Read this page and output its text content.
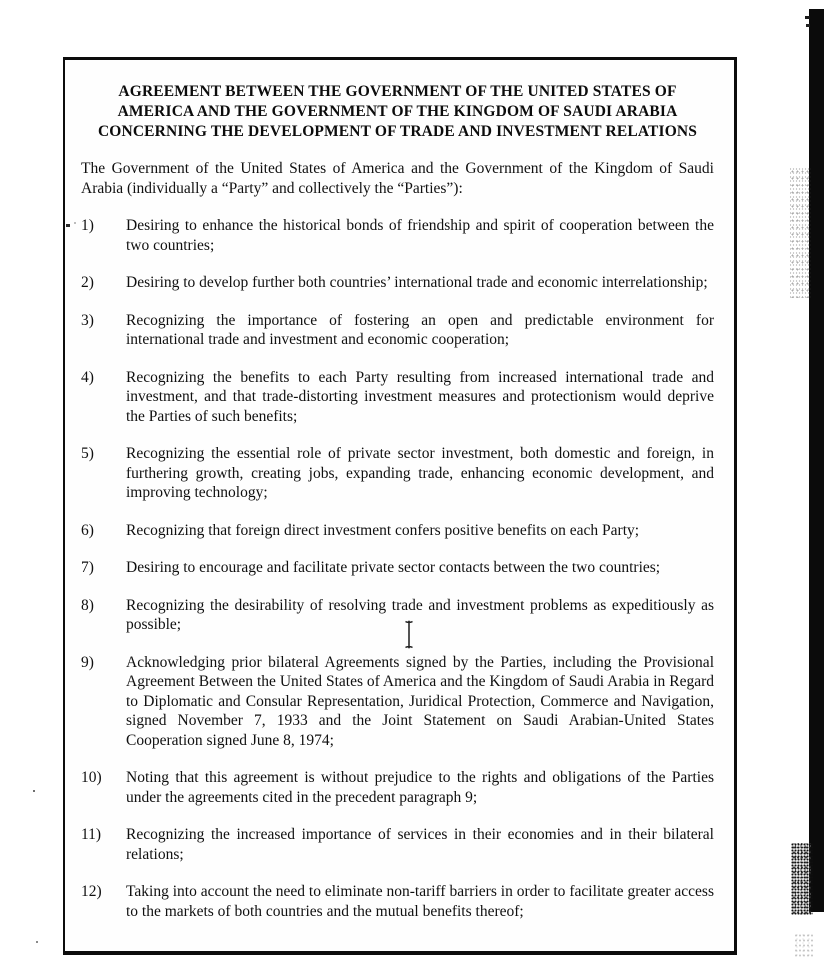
AGREEMENT BETWEEN THE GOVERNMENT OF THE UNITED STATES OF
AMERICA AND THE GOVERNMENT OF THE KINGDOM OF SAUDI ARABIA
CONCERNING THE DEVELOPMENT OF TRADE AND INVESTMENT RELATIONS
The Government of the United States of America and the Government of the Kingdom of Saudi Arabia (individually a “Party” and collectively the “Parties”):
1)	Desiring to enhance the historical bonds of friendship and spirit of cooperation between the two countries;
2)	Desiring to develop further both countries’ international trade and economic interrelationship;
3)	Recognizing the importance of fostering an open and predictable environment for international trade and investment and economic cooperation;
4)	Recognizing the benefits to each Party resulting from increased international trade and investment, and that trade-distorting investment measures and protectionism would deprive the Parties of such benefits;
5)	Recognizing the essential role of private sector investment, both domestic and foreign, in furthering growth, creating jobs, expanding trade, enhancing economic development, and improving technology;
6)	Recognizing that foreign direct investment confers positive benefits on each Party;
7)	Desiring to encourage and facilitate private sector contacts between the two countries;
8)	Recognizing the desirability of resolving trade and investment problems as expeditiously as possible;
9)	Acknowledging prior bilateral Agreements signed by the Parties, including the Provisional Agreement Between the United States of America and the Kingdom of Saudi Arabia in Regard to Diplomatic and Consular Representation, Juridical Protection, Commerce and Navigation, signed November 7, 1933 and the Joint Statement on Saudi Arabian-United States Cooperation signed June 8, 1974;
10)	Noting that this agreement is without prejudice to the rights and obligations of the Parties under the agreements cited in the precedent paragraph 9;
11)	Recognizing the increased importance of services in their economies and in their bilateral relations;
12)	Taking into account the need to eliminate non-tariff barriers in order to facilitate greater access to the markets of both countries and the mutual benefits thereof;
